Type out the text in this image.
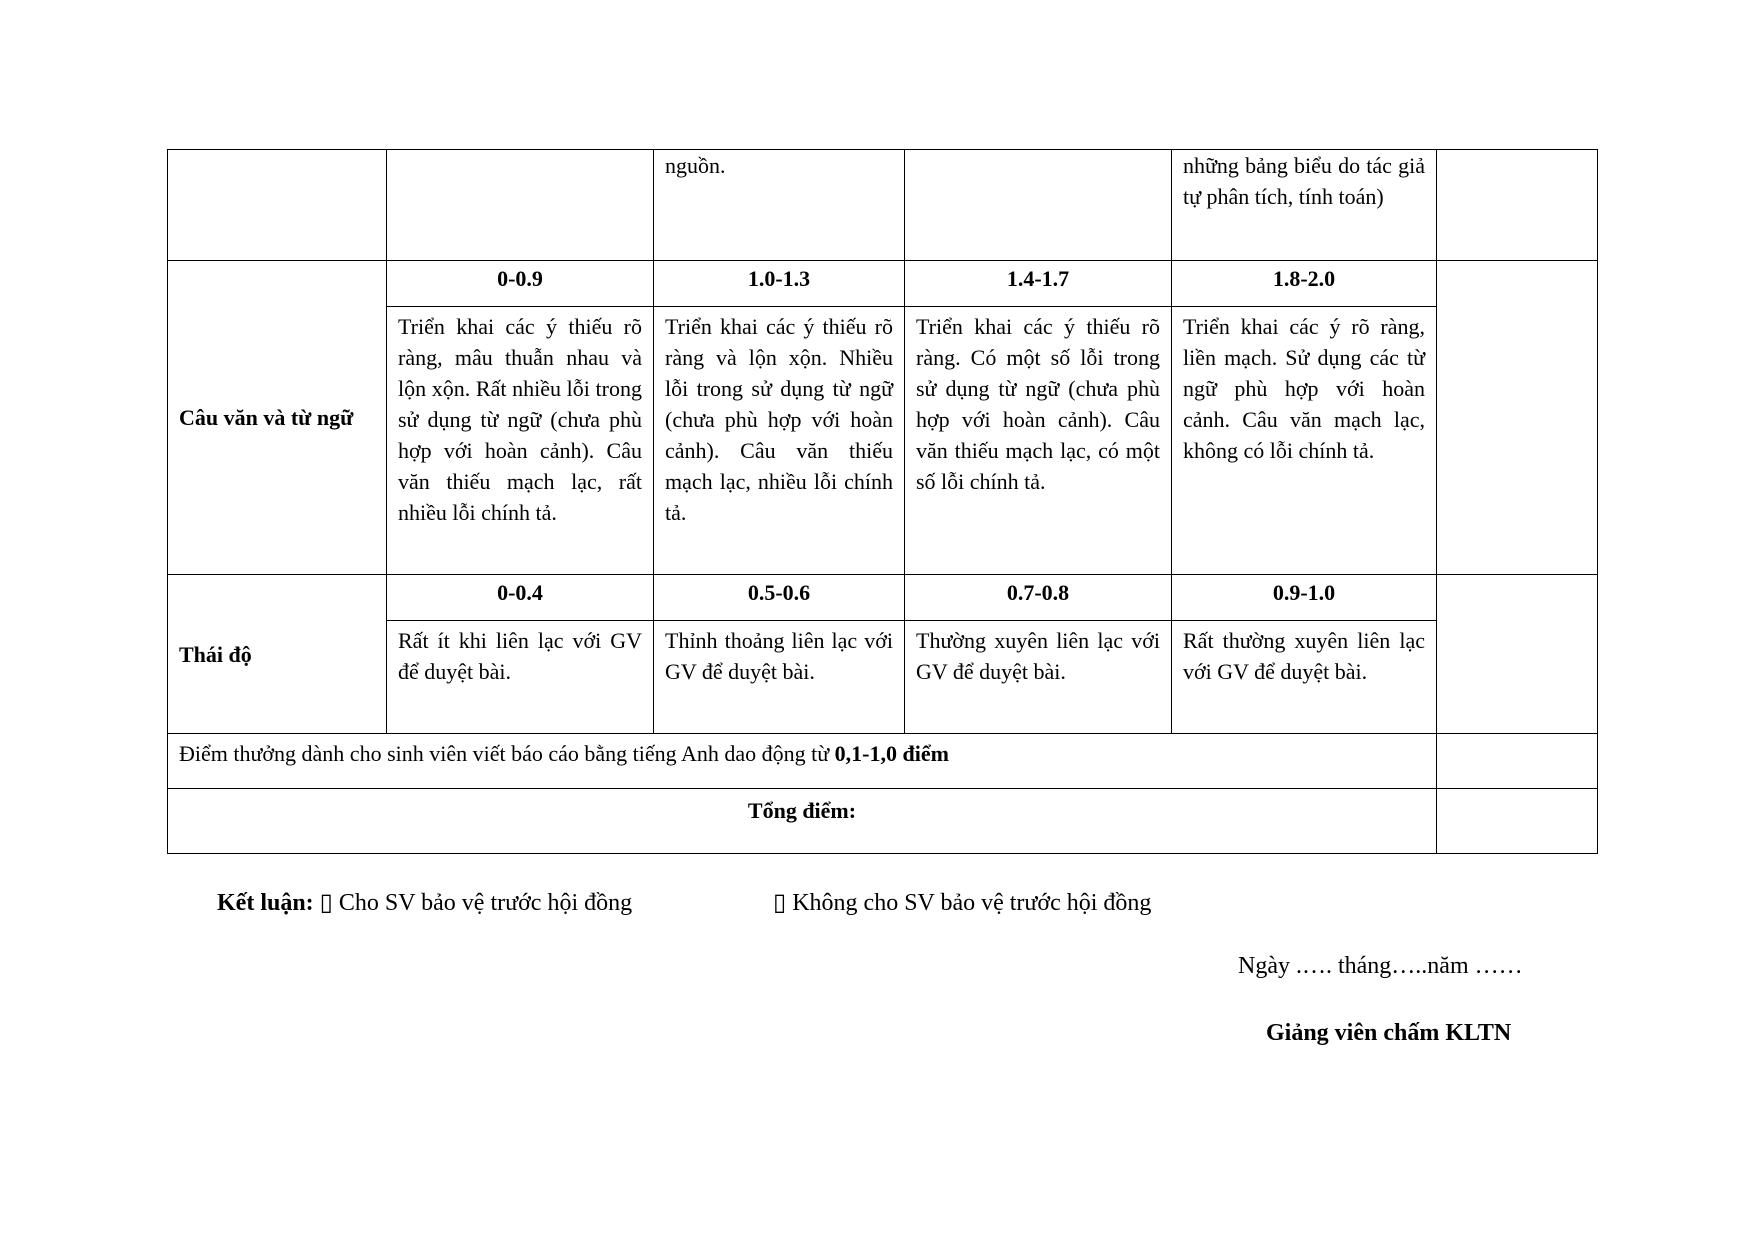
		nguồn.		những bảng biểu do tác giả tự phân tích, tính toán)	
Câu văn và từ ngữ	0-0.9	1.0-1.3	1.4-1.7	1.8-2.0	
	Triển khai các ý thiếu rõ ràng, mâu thuẫn nhau và lộn xộn. Rất nhiều lỗi trong sử dụng từ ngữ (chưa phù hợp với hoàn cảnh). Câu văn thiếu mạch lạc, rất nhiều lỗi chính tả.	Triển khai các ý thiếu rõ ràng và lộn xộn. Nhiều lỗi trong sử dụng từ ngữ (chưa phù hợp với hoàn cảnh). Câu văn thiếu mạch lạc, nhiều lỗi chính tả.	Triển khai các ý thiếu rõ ràng. Có một số lỗi trong sử dụng từ ngữ (chưa phù hợp với hoàn cảnh). Câu văn thiếu mạch lạc, có một số lỗi chính tả.	Triển khai các ý rõ ràng, liền mạch. Sử dụng các từ ngữ phù hợp với hoàn cảnh. Câu văn mạch lạc, không có lỗi chính tả.	
Thái độ	0-0.4	0.5-0.6	0.7-0.8	0.9-1.0	
	Rất ít khi liên lạc với GV để duyệt bài.	Thỉnh thoảng liên lạc với GV để duyệt bài.	Thường xuyên liên lạc với GV để duyệt bài.	Rất thường xuyên liên lạc với GV để duyệt bài.	
Điểm thưởng dành cho sinh viên viết báo cáo bằng tiếng Anh dao động từ 0,1-1,0 điểm					
Tổng điểm:					
Kết luận: ▯ Cho SV bảo vệ trước hội đồng	▯ Không cho SV bảo vệ trước hội đồng
Ngày .…. tháng…..năm ……
Giảng viên chấm KLTN
